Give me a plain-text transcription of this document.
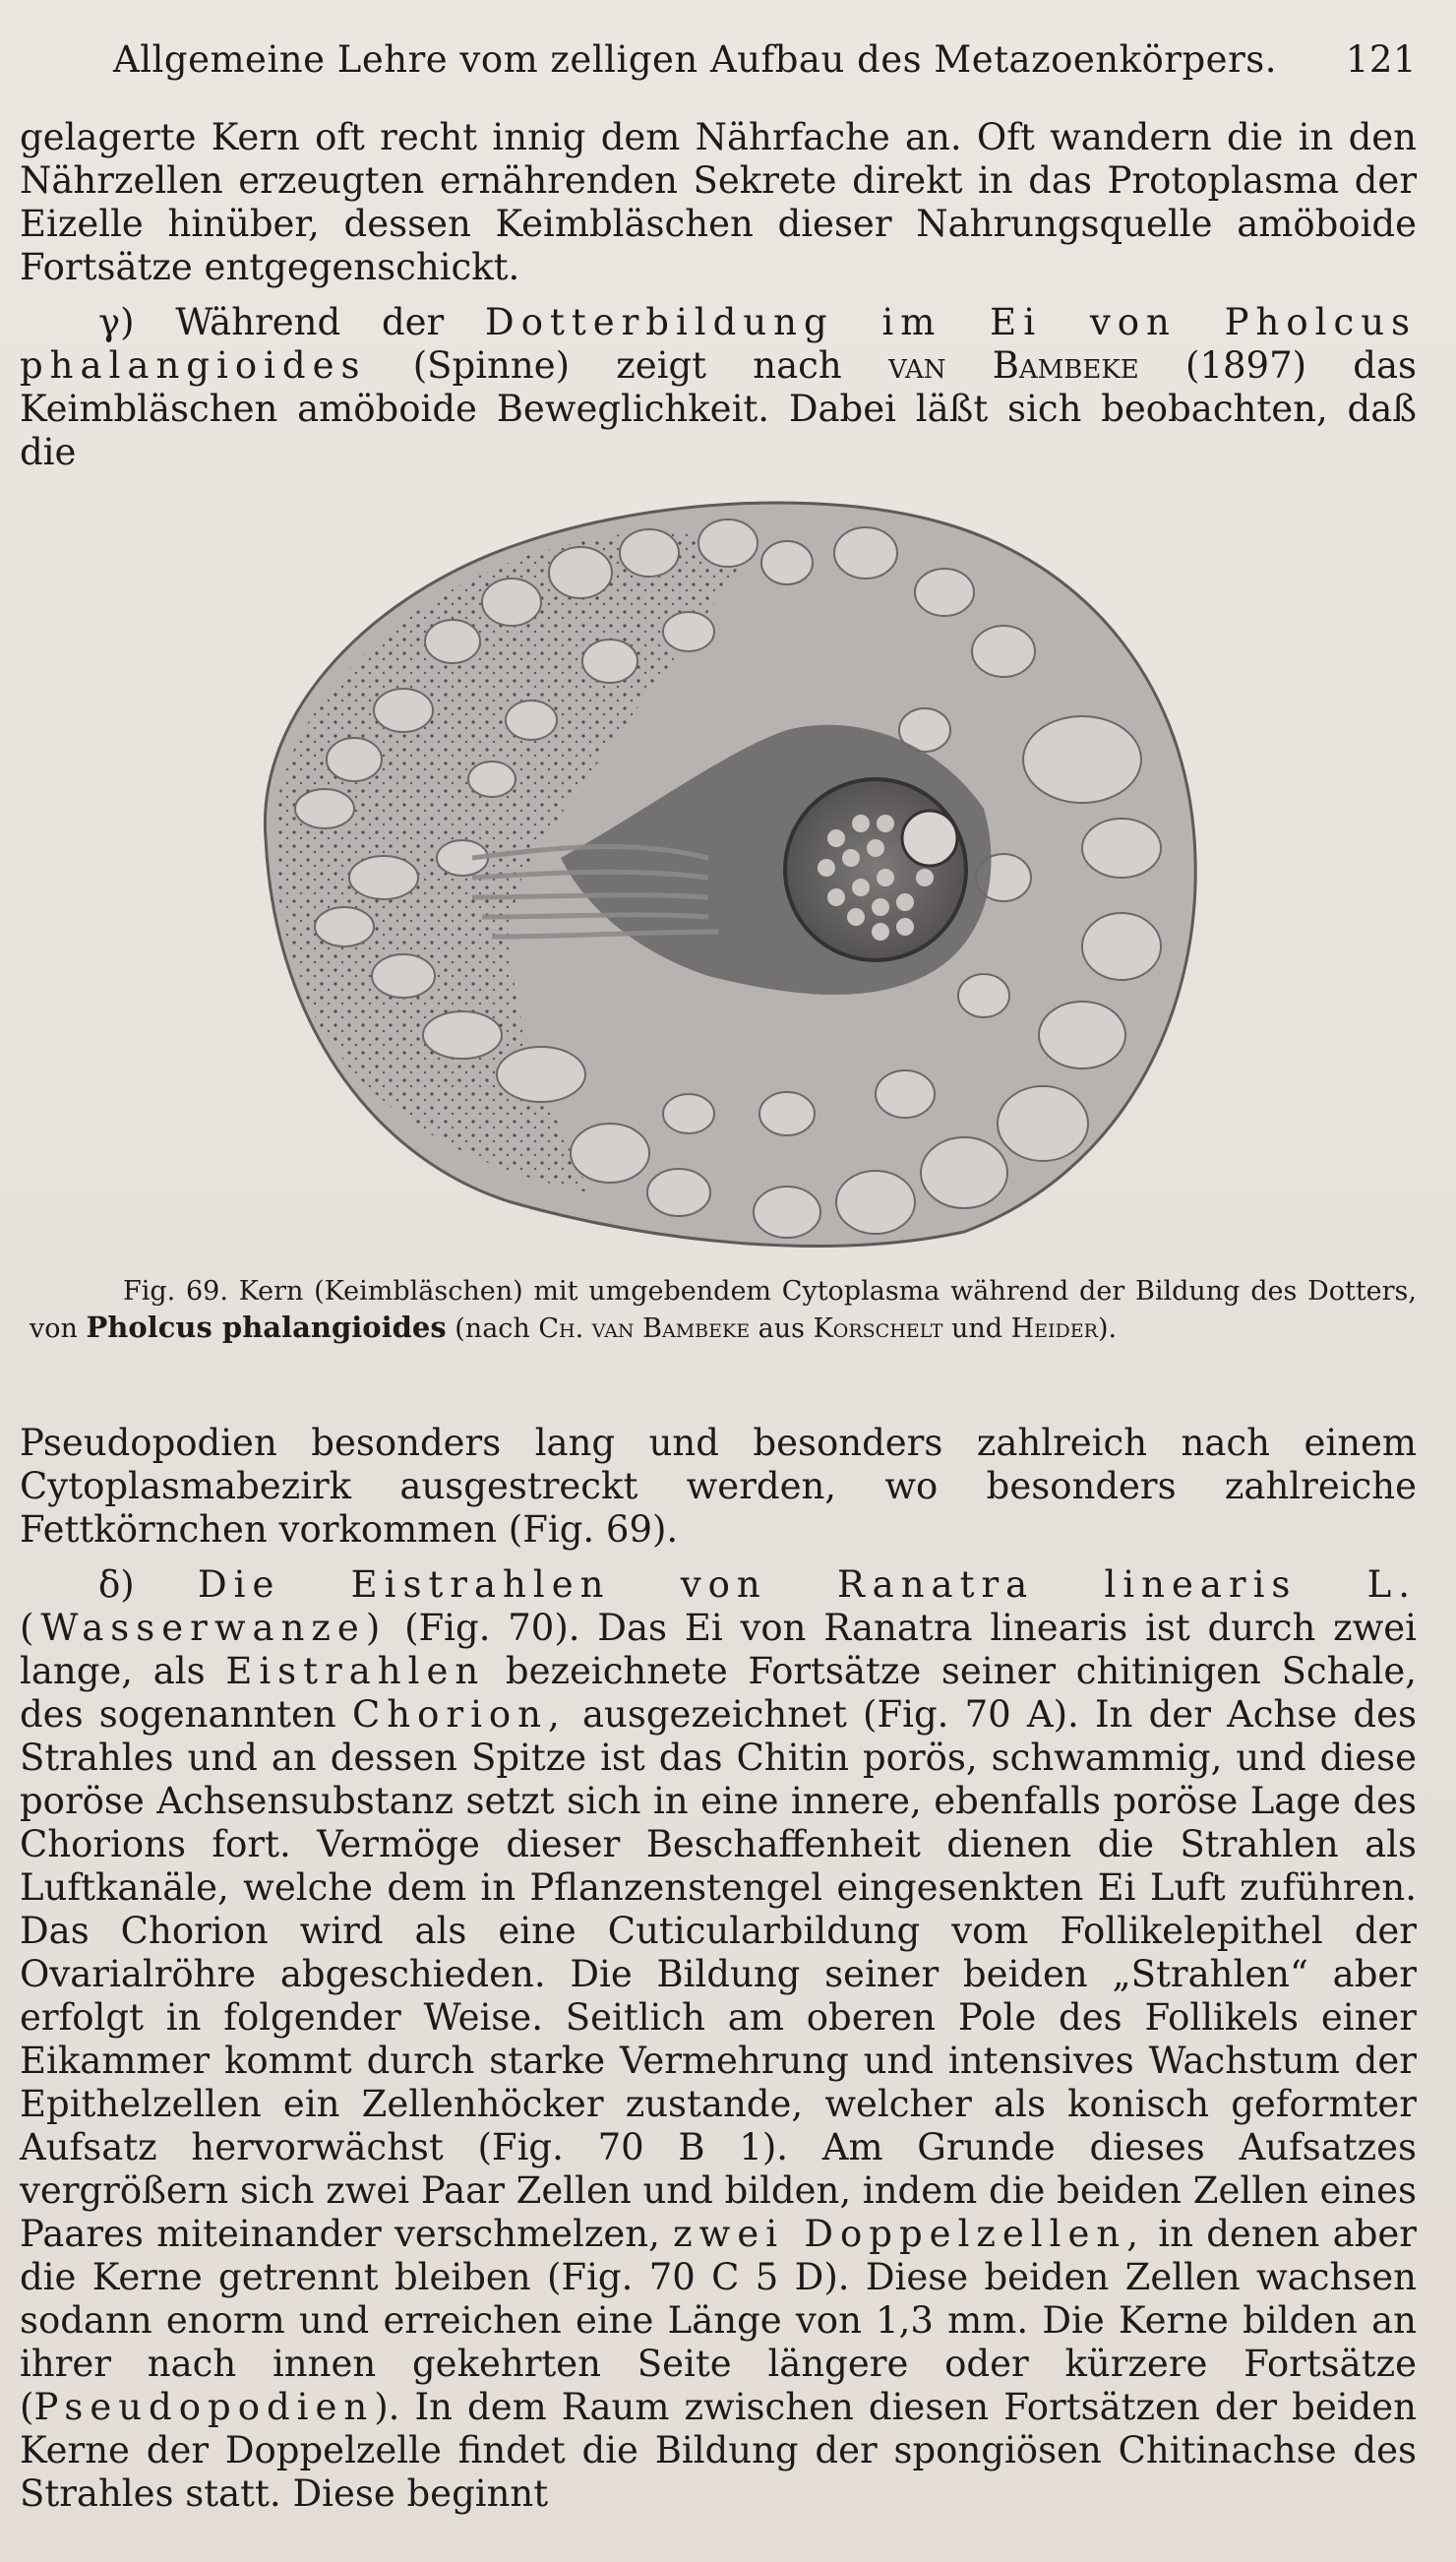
Allgemeine Lehre vom zelligen Aufbau des Metazoenkörpers. 121

gelagerte Kern oft recht innig dem Nährfache an. Oft wandern die in den Nährzellen erzeugten ernährenden Sekrete direkt in das Protoplasma der Eizelle hinüber, dessen Keimbläschen dieser Nahrungsquelle amöboide Fortsätze entgegenschickt.

γ) Während der Dotterbildung im Ei von Pholcus phalangioides (Spinne) zeigt nach van Bambeke (1897) das Keimbläschen amöboide Beweglichkeit. Dabei läßt sich beobachten, daß die

Fig. 69. Kern (Keimbläschen) mit umgebendem Cytoplasma während der Bildung des Dotters, von Pholcus phalangioides (nach Ch. van Bambeke aus Korschelt und Heider).

Pseudopodien besonders lang und besonders zahlreich nach einem Cytoplasmabezirk ausgestreckt werden, wo besonders zahlreiche Fettkörnchen vorkommen (Fig. 69).

δ) Die Eistrahlen von Ranatra linearis L. (Wasserwanze) (Fig. 70). Das Ei von Ranatra linearis ist durch zwei lange, als Eistrahlen bezeichnete Fortsätze seiner chitinigen Schale, des sogenannten Chorion, ausgezeichnet (Fig. 70 A). In der Achse des Strahles und an dessen Spitze ist das Chitin porös, schwammig, und diese poröse Achsensubstanz setzt sich in eine innere, ebenfalls poröse Lage des Chorions fort. Vermöge dieser Beschaffenheit dienen die Strahlen als Luftkanäle, welche dem in Pflanzenstengel eingesenkten Ei Luft zuführen. Das Chorion wird als eine Cuticularbildung vom Follikelepithel der Ovarialröhre abgeschieden. Die Bildung seiner beiden „Strahlen“ aber erfolgt in folgender Weise. Seitlich am oberen Pole des Follikels einer Eikammer kommt durch starke Vermehrung und intensives Wachstum der Epithelzellen ein Zellenhöcker zustande, welcher als konisch geformter Aufsatz hervorwächst (Fig. 70 B 1). Am Grunde dieses Aufsatzes vergrößern sich zwei Paar Zellen und bilden, indem die beiden Zellen eines Paares miteinander verschmelzen, zwei Doppelzellen, in denen aber die Kerne getrennt bleiben (Fig. 70 C 5 D). Diese beiden Zellen wachsen sodann enorm und erreichen eine Länge von 1,3 mm. Die Kerne bilden an ihrer nach innen gekehrten Seite längere oder kürzere Fortsätze (Pseudopodien). In dem Raum zwischen diesen Fortsätzen der beiden Kerne der Doppelzelle findet die Bildung der spongiösen Chitinachse des Strahles statt. Diese beginnt
